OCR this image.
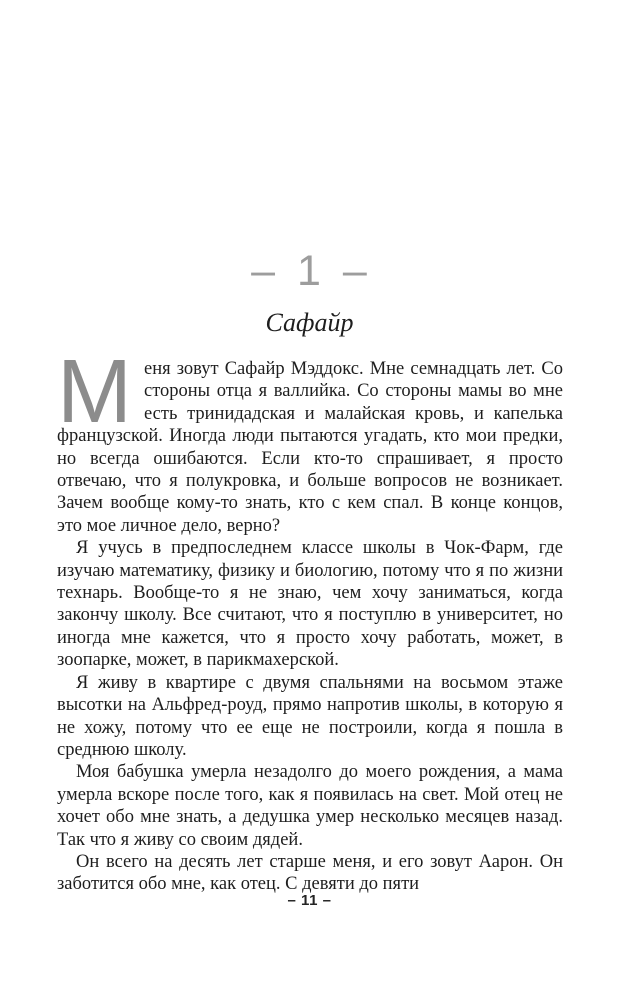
– 1 –
Сафайр

Меня зовут Сафайр Мэддокс. Мне семнадцать лет. Со стороны отца я валлийка. Со стороны мамы во мне есть тринидадская и малайская кровь, и капелька французской. Иногда люди пытаются угадать, кто мои предки, но всегда ошибаются. Если кто-то спрашивает, я просто отвечаю, что я полукровка, и больше вопросов не возникает. Зачем вообще кому-то знать, кто с кем спал. В конце концов, это мое личное дело, верно?

Я учусь в предпоследнем классе школы в Чок-Фарм, где изучаю математику, физику и биологию, потому что я по жизни технарь. Вообще-то я не знаю, чем хочу заниматься, когда закончу школу. Все считают, что я поступлю в университет, но иногда мне кажется, что я просто хочу работать, может, в зоопарке, может, в парикмахерской.

Я живу в квартире с двумя спальнями на восьмом этаже высотки на Альфред-роуд, прямо напротив школы, в которую я не хожу, потому что ее еще не построили, когда я пошла в среднюю школу.

Моя бабушка умерла незадолго до моего рождения, а мама умерла вскоре после того, как я появилась на свет. Мой отец не хочет обо мне знать, а дедушка умер несколько месяцев назад. Так что я живу со своим дядей.

Он всего на десять лет старше меня, и его зовут Аарон. Он заботится обо мне, как отец. С девяти до пяти

– 11 –
